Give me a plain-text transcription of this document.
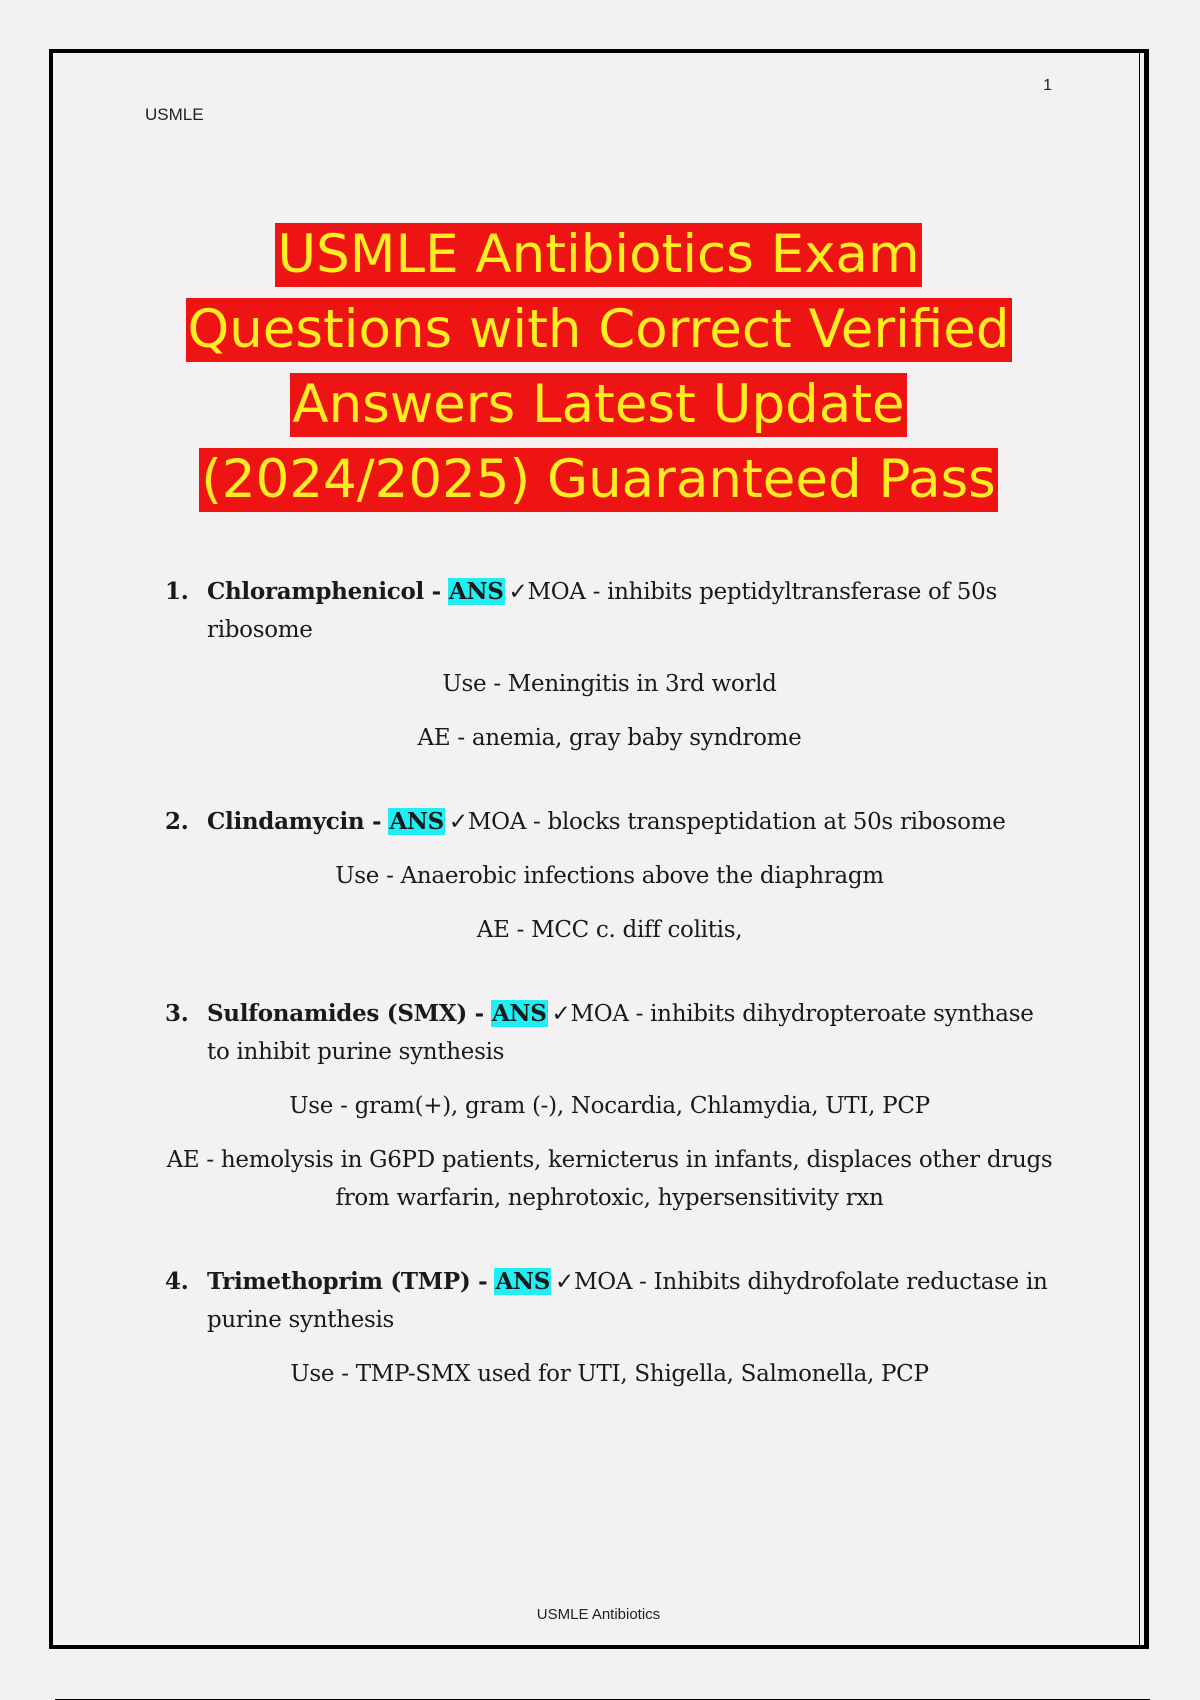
1
USMLE
USMLE Antibiotics Exam
Questions with Correct Verified
Answers Latest Update
(2024/2025) Guaranteed Pass
1. Chloramphenicol - ANS ✓MOA - inhibits peptidyltransferase of 50s ribosome

Use - Meningitis in 3rd world

AE - anemia, gray baby syndrome

2. Clindamycin - ANS ✓MOA - blocks transpeptidation at 50s ribosome

Use - Anaerobic infections above the diaphragm

AE - MCC c. diff colitis,

3. Sulfonamides (SMX) - ANS ✓MOA - inhibits dihydropteroate synthase to inhibit purine synthesis

Use - gram(+), gram (-), Nocardia, Chlamydia, UTI, PCP

AE - hemolysis in G6PD patients, kernicterus in infants, displaces other drugs from warfarin, nephrotoxic, hypersensitivity rxn

4. Trimethoprim (TMP) - ANS ✓MOA - Inhibits dihydrofolate reductase in purine synthesis

Use - TMP-SMX used for UTI, Shigella, Salmonella, PCP

USMLE Antibiotics
